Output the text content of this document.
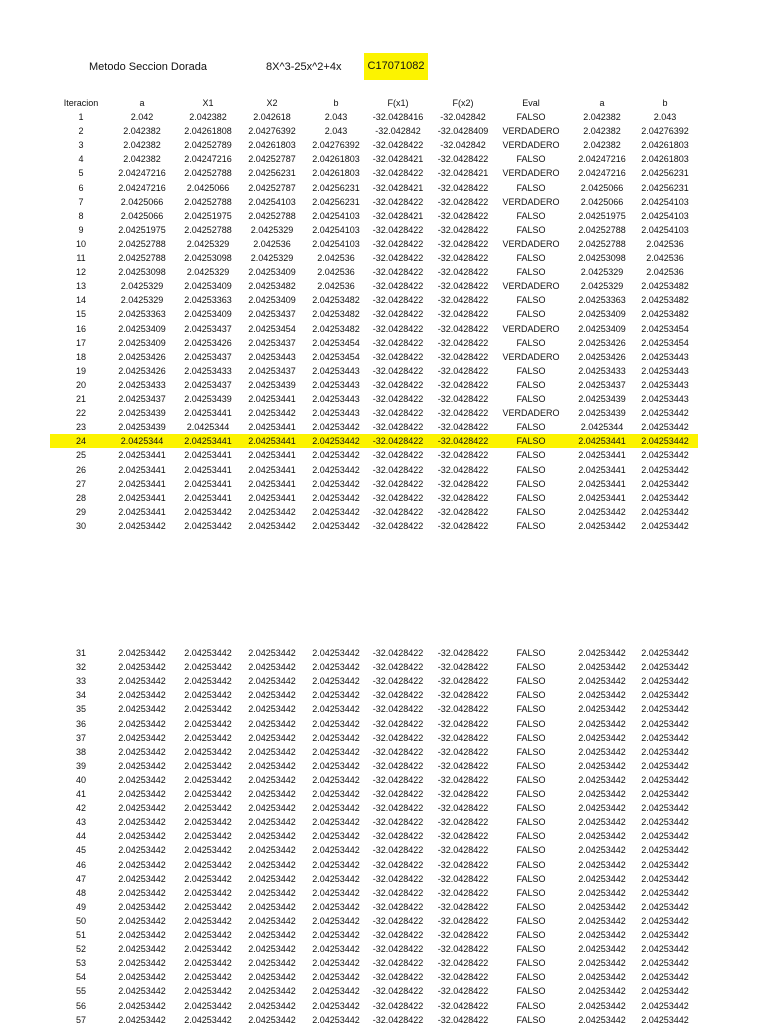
Metodo Seccion Dorada	8X^3-25x^2+4x	C17071082
Iteracion	a	X1	X2	b	F(x1)	F(x2)	Eval	a	b
1	2.042	2.042382	2.042618	2.043	-32.0428416	-32.042842	FALSO	2.042382	2.043
2	2.042382	2.04261808	2.04276392	2.043	-32.042842	-32.0428409	VERDADERO	2.042382	2.04276392
3	2.042382	2.04252789	2.04261803	2.04276392	-32.0428422	-32.042842	VERDADERO	2.042382	2.04261803
4	2.042382	2.04247216	2.04252787	2.04261803	-32.0428421	-32.0428422	FALSO	2.04247216	2.04261803
5	2.04247216	2.04252788	2.04256231	2.04261803	-32.0428422	-32.0428421	VERDADERO	2.04247216	2.04256231
6	2.04247216	2.0425066	2.04252787	2.04256231	-32.0428421	-32.0428422	FALSO	2.0425066	2.04256231
7	2.0425066	2.04252788	2.04254103	2.04256231	-32.0428422	-32.0428422	VERDADERO	2.0425066	2.04254103
8	2.0425066	2.04251975	2.04252788	2.04254103	-32.0428421	-32.0428422	FALSO	2.04251975	2.04254103
9	2.04251975	2.04252788	2.0425329	2.04254103	-32.0428422	-32.0428422	FALSO	2.04252788	2.04254103
10	2.04252788	2.0425329	2.042536	2.04254103	-32.0428422	-32.0428422	VERDADERO	2.04252788	2.042536
11	2.04252788	2.04253098	2.0425329	2.042536	-32.0428422	-32.0428422	FALSO	2.04253098	2.042536
12	2.04253098	2.0425329	2.04253409	2.042536	-32.0428422	-32.0428422	FALSO	2.0425329	2.042536
13	2.0425329	2.04253409	2.04253482	2.042536	-32.0428422	-32.0428422	VERDADERO	2.0425329	2.04253482
14	2.0425329	2.04253363	2.04253409	2.04253482	-32.0428422	-32.0428422	FALSO	2.04253363	2.04253482
15	2.04253363	2.04253409	2.04253437	2.04253482	-32.0428422	-32.0428422	FALSO	2.04253409	2.04253482
16	2.04253409	2.04253437	2.04253454	2.04253482	-32.0428422	-32.0428422	VERDADERO	2.04253409	2.04253454
17	2.04253409	2.04253426	2.04253437	2.04253454	-32.0428422	-32.0428422	FALSO	2.04253426	2.04253454
18	2.04253426	2.04253437	2.04253443	2.04253454	-32.0428422	-32.0428422	VERDADERO	2.04253426	2.04253443
19	2.04253426	2.04253433	2.04253437	2.04253443	-32.0428422	-32.0428422	FALSO	2.04253433	2.04253443
20	2.04253433	2.04253437	2.04253439	2.04253443	-32.0428422	-32.0428422	FALSO	2.04253437	2.04253443
21	2.04253437	2.04253439	2.04253441	2.04253443	-32.0428422	-32.0428422	FALSO	2.04253439	2.04253443
22	2.04253439	2.04253441	2.04253442	2.04253443	-32.0428422	-32.0428422	VERDADERO	2.04253439	2.04253442
23	2.04253439	2.0425344	2.04253441	2.04253442	-32.0428422	-32.0428422	FALSO	2.0425344	2.04253442
24	2.0425344	2.04253441	2.04253441	2.04253442	-32.0428422	-32.0428422	FALSO	2.04253441	2.04253442
25	2.04253441	2.04253441	2.04253441	2.04253442	-32.0428422	-32.0428422	FALSO	2.04253441	2.04253442
26	2.04253441	2.04253441	2.04253441	2.04253442	-32.0428422	-32.0428422	FALSO	2.04253441	2.04253442
27	2.04253441	2.04253441	2.04253441	2.04253442	-32.0428422	-32.0428422	FALSO	2.04253441	2.04253442
28	2.04253441	2.04253441	2.04253441	2.04253442	-32.0428422	-32.0428422	FALSO	2.04253441	2.04253442
29	2.04253441	2.04253442	2.04253442	2.04253442	-32.0428422	-32.0428422	FALSO	2.04253442	2.04253442
30	2.04253442	2.04253442	2.04253442	2.04253442	-32.0428422	-32.0428422	FALSO	2.04253442	2.04253442
31	2.04253442	2.04253442	2.04253442	2.04253442	-32.0428422	-32.0428422	FALSO	2.04253442	2.04253442
32	2.04253442	2.04253442	2.04253442	2.04253442	-32.0428422	-32.0428422	FALSO	2.04253442	2.04253442
33	2.04253442	2.04253442	2.04253442	2.04253442	-32.0428422	-32.0428422	FALSO	2.04253442	2.04253442
34	2.04253442	2.04253442	2.04253442	2.04253442	-32.0428422	-32.0428422	FALSO	2.04253442	2.04253442
35	2.04253442	2.04253442	2.04253442	2.04253442	-32.0428422	-32.0428422	FALSO	2.04253442	2.04253442
36	2.04253442	2.04253442	2.04253442	2.04253442	-32.0428422	-32.0428422	FALSO	2.04253442	2.04253442
37	2.04253442	2.04253442	2.04253442	2.04253442	-32.0428422	-32.0428422	FALSO	2.04253442	2.04253442
38	2.04253442	2.04253442	2.04253442	2.04253442	-32.0428422	-32.0428422	FALSO	2.04253442	2.04253442
39	2.04253442	2.04253442	2.04253442	2.04253442	-32.0428422	-32.0428422	FALSO	2.04253442	2.04253442
40	2.04253442	2.04253442	2.04253442	2.04253442	-32.0428422	-32.0428422	FALSO	2.04253442	2.04253442
41	2.04253442	2.04253442	2.04253442	2.04253442	-32.0428422	-32.0428422	FALSO	2.04253442	2.04253442
42	2.04253442	2.04253442	2.04253442	2.04253442	-32.0428422	-32.0428422	FALSO	2.04253442	2.04253442
43	2.04253442	2.04253442	2.04253442	2.04253442	-32.0428422	-32.0428422	FALSO	2.04253442	2.04253442
44	2.04253442	2.04253442	2.04253442	2.04253442	-32.0428422	-32.0428422	FALSO	2.04253442	2.04253442
45	2.04253442	2.04253442	2.04253442	2.04253442	-32.0428422	-32.0428422	FALSO	2.04253442	2.04253442
46	2.04253442	2.04253442	2.04253442	2.04253442	-32.0428422	-32.0428422	FALSO	2.04253442	2.04253442
47	2.04253442	2.04253442	2.04253442	2.04253442	-32.0428422	-32.0428422	FALSO	2.04253442	2.04253442
48	2.04253442	2.04253442	2.04253442	2.04253442	-32.0428422	-32.0428422	FALSO	2.04253442	2.04253442
49	2.04253442	2.04253442	2.04253442	2.04253442	-32.0428422	-32.0428422	FALSO	2.04253442	2.04253442
50	2.04253442	2.04253442	2.04253442	2.04253442	-32.0428422	-32.0428422	FALSO	2.04253442	2.04253442
51	2.04253442	2.04253442	2.04253442	2.04253442	-32.0428422	-32.0428422	FALSO	2.04253442	2.04253442
52	2.04253442	2.04253442	2.04253442	2.04253442	-32.0428422	-32.0428422	FALSO	2.04253442	2.04253442
53	2.04253442	2.04253442	2.04253442	2.04253442	-32.0428422	-32.0428422	FALSO	2.04253442	2.04253442
54	2.04253442	2.04253442	2.04253442	2.04253442	-32.0428422	-32.0428422	FALSO	2.04253442	2.04253442
55	2.04253442	2.04253442	2.04253442	2.04253442	-32.0428422	-32.0428422	FALSO	2.04253442	2.04253442
56	2.04253442	2.04253442	2.04253442	2.04253442	-32.0428422	-32.0428422	FALSO	2.04253442	2.04253442
57	2.04253442	2.04253442	2.04253442	2.04253442	-32.0428422	-32.0428422	FALSO	2.04253442	2.04253442
